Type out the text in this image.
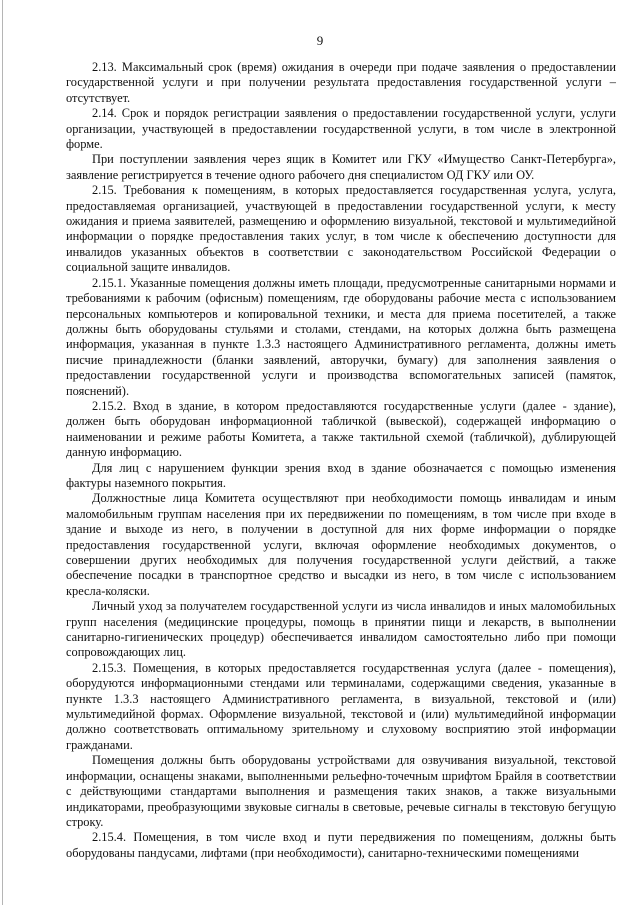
9

2.13. Максимальный срок (время) ожидания в очереди при подаче заявления о предоставлении государственной услуги и при получении результата предоставления государственной услуги – отсутствует.

2.14. Срок и порядок регистрации заявления о предоставлении государственной услуги, услуги организации, участвующей в предоставлении государственной услуги, в том числе в электронной форме.

При поступлении заявления через ящик в Комитет или ГКУ «Имущество Санкт-Петербурга», заявление регистрируется в течение одного рабочего дня специалистом ОД ГКУ или ОУ.

2.15. Требования к помещениям, в которых предоставляется государственная услуга, услуга, предоставляемая организацией, участвующей в предоставлении государственной услуги, к месту ожидания и приема заявителей, размещению и оформлению визуальной, текстовой и мультимедийной информации о порядке предоставления таких услуг, в том числе к обеспечению доступности для инвалидов указанных объектов в соответствии с законодательством Российской Федерации о социальной защите инвалидов.

2.15.1. Указанные помещения должны иметь площади, предусмотренные санитарными нормами и требованиями к рабочим (офисным) помещениям, где оборудованы рабочие места с использованием персональных компьютеров и копировальной техники, и места для приема посетителей, а также должны быть оборудованы стульями и столами, стендами, на которых должна быть размещена информация, указанная в пункте 1.3.3 настоящего Административного регламента, должны иметь писчие принадлежности (бланки заявлений, авторучки, бумагу) для заполнения заявления о предоставлении государственной услуги и производства вспомогательных записей (памяток, пояснений).

2.15.2. Вход в здание, в котором предоставляются государственные услуги (далее - здание), должен быть оборудован информационной табличкой (вывеской), содержащей информацию о наименовании и режиме работы Комитета, а также тактильной схемой (табличкой), дублирующей данную информацию.

Для лиц с нарушением функции зрения вход в здание обозначается с помощью изменения фактуры наземного покрытия.

Должностные лица Комитета осуществляют при необходимости помощь инвалидам и иным маломобильным группам населения при их передвижении по помещениям, в том числе при входе в здание и выходе из него, в получении в доступной для них форме информации о порядке предоставления государственной услуги, включая оформление необходимых документов, о совершении других необходимых для получения государственной услуги действий, а также обеспечение посадки в транспортное средство и высадки из него, в том числе с использованием кресла-коляски.

Личный уход за получателем государственной услуги из числа инвалидов и иных маломобильных групп населения (медицинские процедуры, помощь в принятии пищи и лекарств, в выполнении санитарно-гигиенических процедур) обеспечивается инвалидом самостоятельно либо при помощи сопровождающих лиц.

2.15.3. Помещения, в которых предоставляется государственная услуга (далее - помещения), оборудуются информационными стендами или терминалами, содержащими сведения, указанные в пункте 1.3.3 настоящего Административного регламента, в визуальной, текстовой и (или) мультимедийной формах. Оформление визуальной, текстовой и (или) мультимедийной информации должно соответствовать оптимальному зрительному и слуховому восприятию этой информации гражданами.

Помещения должны быть оборудованы устройствами для озвучивания визуальной, текстовой информации, оснащены знаками, выполненными рельефно-точечным шрифтом Брайля в соответствии с действующими стандартами выполнения и размещения таких знаков, а также визуальными индикаторами, преобразующими звуковые сигналы в световые, речевые сигналы в текстовую бегущую строку.

2.15.4. Помещения, в том числе вход и пути передвижения по помещениям, должны быть оборудованы пандусами, лифтами (при необходимости), санитарно-техническими помещениями
